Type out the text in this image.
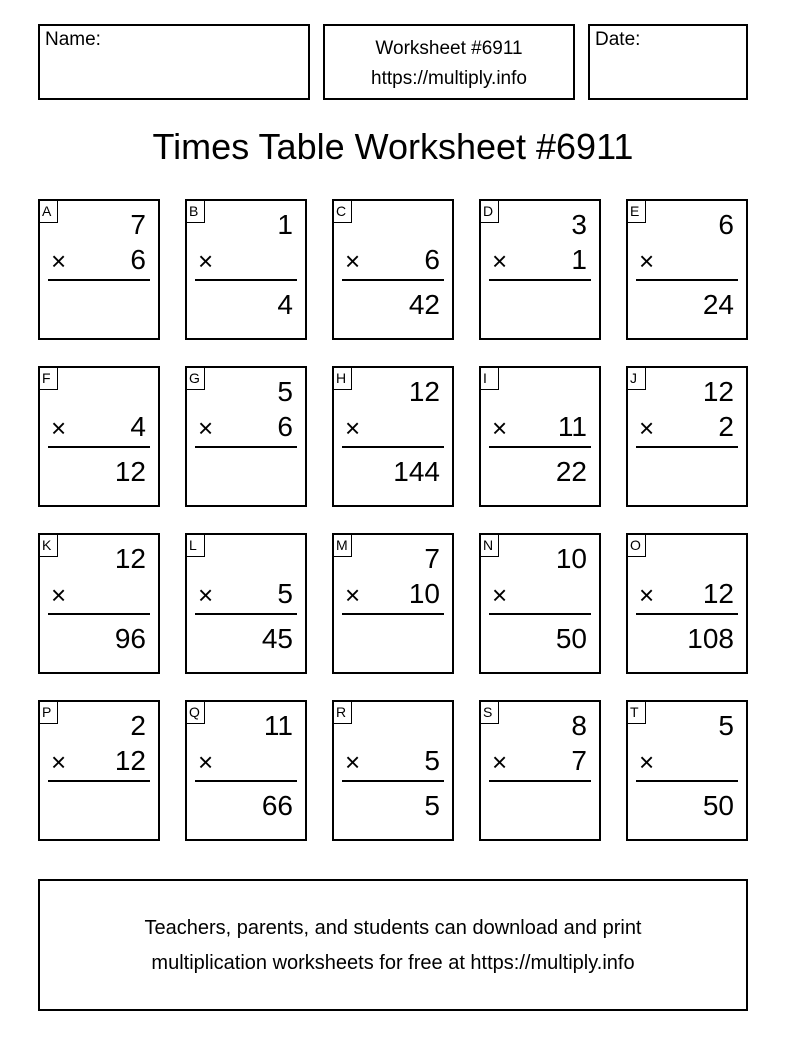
Name:	Worksheet #6911
https://multiply.info
Date:
Times Table Worksheet #6911
A	7
× 6
B	1
×
4
C
× 6
42
D	3
× 1
E	6
×
24
F
× 4
12
G	5
× 6
H 12
×
144
I
× 11
22
J	12
× 2
K 12
×
96
L
× 5
45
M	7
× 10
N 10
×
50
O
× 12
108
P	2
× 12
Q 11
×
66
R
× 5
5
S	8
× 7
T	5
×
50
Teachers, parents, and students can download and print
multiplication worksheets for free at https://multiply.info
